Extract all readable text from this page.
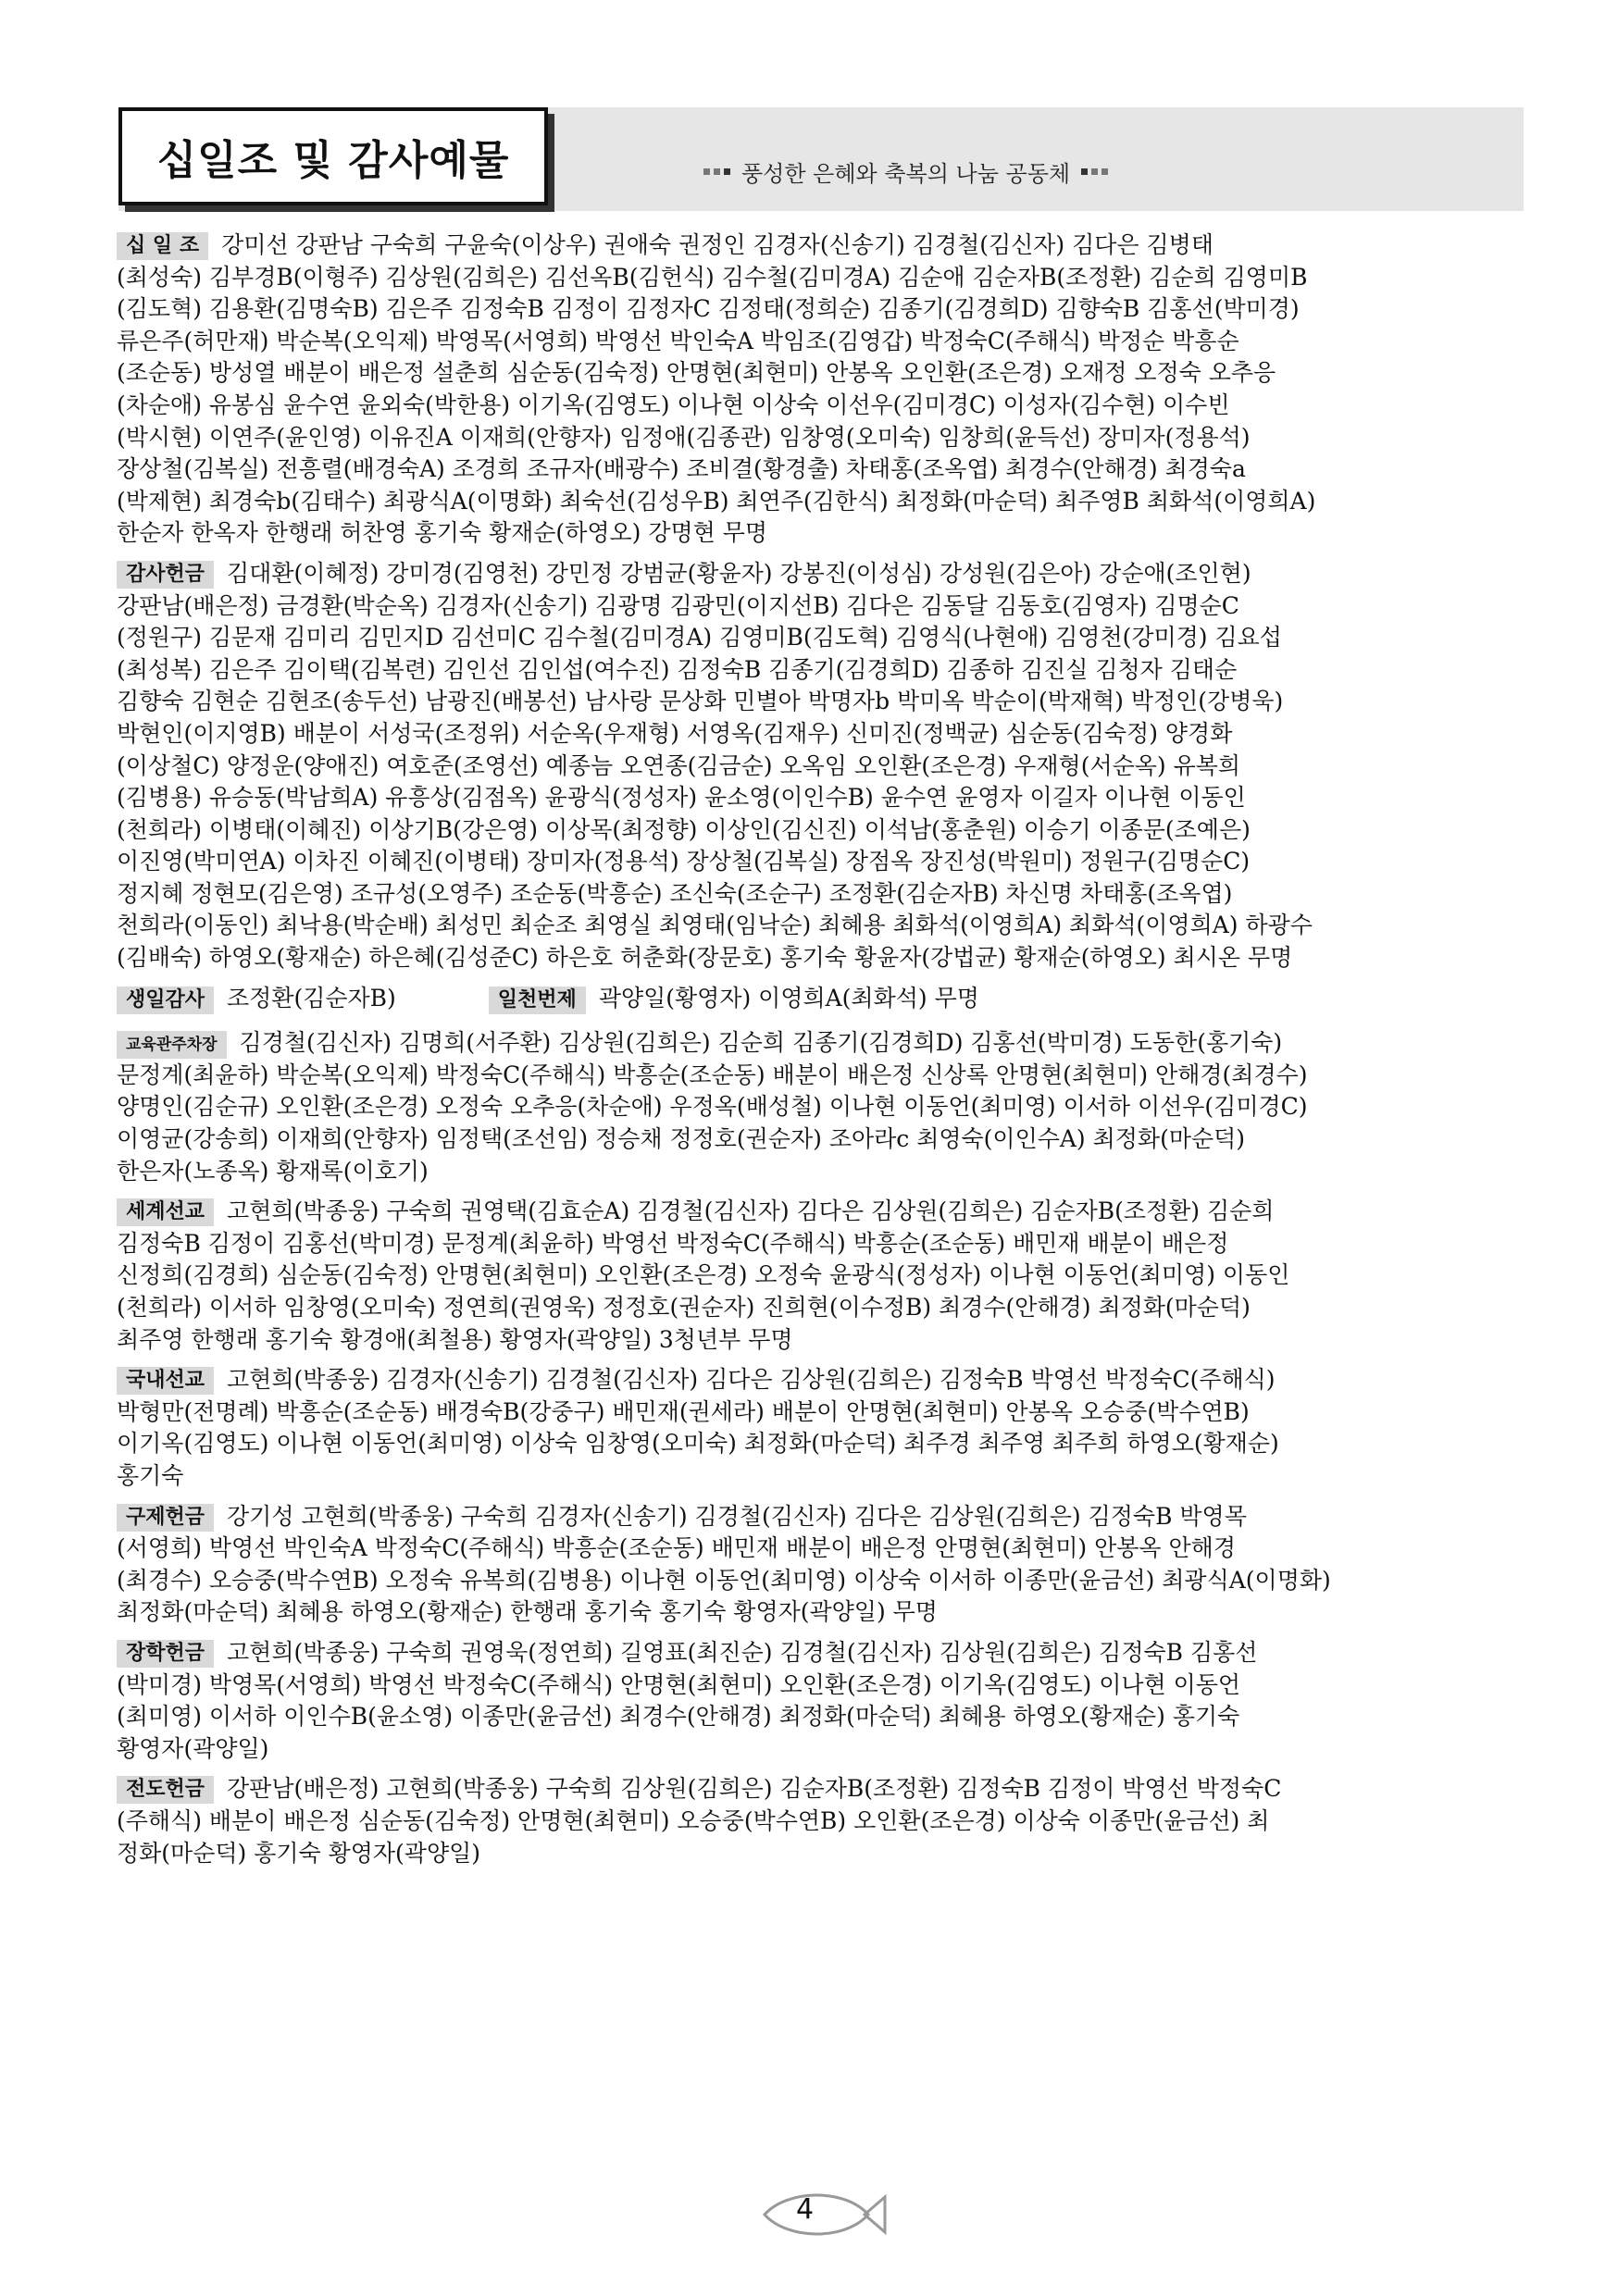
십일조 및 감사예물	풍성한 은혜와 축복의 나눔 공동체

십 일 조 강미선 강판남 구숙희 구윤숙(이상우) 권애숙 권정인 김경자(신송기) 김경철(김신자) 김다은 김병태
(최성숙) 김부경B(이형주) 김상원(김희은) 김선옥B(김헌식) 김수철(김미경A) 김순애 김순자B(조정환) 김순희 김영미B
(김도혁) 김용환(김명숙B) 김은주 김정숙B 김정이 김정자C 김정태(정희순) 김종기(김경희D) 김향숙B 김홍선(박미경)
류은주(허만재) 박순복(오익제) 박영목(서영희) 박영선 박인숙A 박임조(김영갑) 박정숙C(주해식) 박정순 박흥순
(조순동) 방성열 배분이 배은정 설춘희 심순동(김숙정) 안명현(최현미) 안봉옥 오인환(조은경) 오재정 오정숙 오추응
(차순애) 유봉심 윤수연 윤외숙(박한용) 이기옥(김영도) 이나현 이상숙 이선우(김미경C) 이성자(김수현) 이수빈
(박시현) 이연주(윤인영) 이유진A 이재희(안향자) 임정애(김종관) 임창영(오미숙) 임창희(윤득선) 장미자(정용석)
장상철(김복실) 전흥렬(배경숙A) 조경희 조규자(배광수) 조비결(황경출) 차태홍(조옥엽) 최경수(안해경) 최경숙a
(박제현) 최경숙b(김태수) 최광식A(이명화) 최숙선(김성우B) 최연주(김한식) 최정화(마순덕) 최주영B 최화석(이영희A)
한순자 한옥자 한행래 허찬영 홍기숙 황재순(하영오) 강명현 무명

감사헌금 김대환(이혜정) 강미경(김영천) 강민정 강범균(황윤자) 강봉진(이성심) 강성원(김은아) 강순애(조인현)
강판남(배은정) 금경환(박순옥) 김경자(신송기) 김광명 김광민(이지선B) 김다은 김동달 김동호(김영자) 김명순C
(정원구) 김문재 김미리 김민지D 김선미C 김수철(김미경A) 김영미B(김도혁) 김영식(나현애) 김영천(강미경) 김요섭
(최성복) 김은주 김이택(김복련) 김인선 김인섭(여수진) 김정숙B 김종기(김경희D) 김종하 김진실 김청자 김태순
김향숙 김현순 김현조(송두선) 남광진(배봉선) 남사랑 문상화 민별아 박명자b 박미옥 박순이(박재혁) 박정인(강병욱)
박현인(이지영B) 배분이 서성국(조정위) 서순옥(우재형) 서영옥(김재우) 신미진(정백균) 심순동(김숙정) 양경화
(이상철C) 양정운(양애진) 여호준(조영선) 예종늠 오연종(김금순) 오옥임 오인환(조은경) 우재형(서순옥) 유복희
(김병용) 유승동(박남희A) 유흥상(김점옥) 윤광식(정성자) 윤소영(이인수B) 윤수연 윤영자 이길자 이나현 이동인
(천희라) 이병태(이혜진) 이상기B(강은영) 이상목(최정향) 이상인(김신진) 이석남(홍춘원) 이승기 이종문(조예은)
이진영(박미연A) 이차진 이혜진(이병태) 장미자(정용석) 장상철(김복실) 장점옥 장진성(박원미) 정원구(김명순C)
정지혜 정현모(김은영) 조규성(오영주) 조순동(박흥순) 조신숙(조순구) 조정환(김순자B) 차신명 차태홍(조옥엽)
천희라(이동인) 최낙용(박순배) 최성민 최순조 최영실 최영태(임낙순) 최혜용 최화석(이영희A) 최화석(이영희A) 하광수
(김배숙) 하영오(황재순) 하은혜(김성준C) 하은호 허춘화(장문호) 홍기숙 황윤자(강법균) 황재순(하영오) 최시온 무명

생일감사 조정환(김순자B)	일천번제 곽양일(황영자) 이영희A(최화석) 무명

교육관주차장 김경철(김신자) 김명희(서주환) 김상원(김희은) 김순희 김종기(김경희D) 김홍선(박미경) 도동한(홍기숙)
문정계(최윤하) 박순복(오익제) 박정숙C(주해식) 박흥순(조순동) 배분이 배은정 신상록 안명현(최현미) 안해경(최경수)
양명인(김순규) 오인환(조은경) 오정숙 오추응(차순애) 우정옥(배성철) 이나현 이동언(최미영) 이서하 이선우(김미경C)
이영균(강송희) 이재희(안향자) 임정택(조선임) 정승채 정정호(권순자) 조아라c 최영숙(이인수A) 최정화(마순덕)
한은자(노종옥) 황재록(이호기)

세계선교 고현희(박종웅) 구숙희 권영택(김효순A) 김경철(김신자) 김다은 김상원(김희은) 김순자B(조정환) 김순희
김정숙B 김정이 김홍선(박미경) 문정계(최윤하) 박영선 박정숙C(주해식) 박흥순(조순동) 배민재 배분이 배은정
신정희(김경희) 심순동(김숙정) 안명현(최현미) 오인환(조은경) 오정숙 윤광식(정성자) 이나현 이동언(최미영) 이동인
(천희라) 이서하 임창영(오미숙) 정연희(권영욱) 정정호(권순자) 진희현(이수정B) 최경수(안해경) 최정화(마순덕)
최주영 한행래 홍기숙 황경애(최철용) 황영자(곽양일) 3청년부 무명

국내선교 고현희(박종웅) 김경자(신송기) 김경철(김신자) 김다은 김상원(김희은) 김정숙B 박영선 박정숙C(주해식)
박형만(전명례) 박흥순(조순동) 배경숙B(강중구) 배민재(권세라) 배분이 안명현(최현미) 안봉옥 오승중(박수연B)
이기옥(김영도) 이나현 이동언(최미영) 이상숙 임창영(오미숙) 최정화(마순덕) 최주경 최주영 최주희 하영오(황재순)
홍기숙

구제헌금 강기성 고현희(박종웅) 구숙희 김경자(신송기) 김경철(김신자) 김다은 김상원(김희은) 김정숙B 박영목
(서영희) 박영선 박인숙A 박정숙C(주해식) 박흥순(조순동) 배민재 배분이 배은정 안명현(최현미) 안봉옥 안해경
(최경수) 오승중(박수연B) 오정숙 유복희(김병용) 이나현 이동언(최미영) 이상숙 이서하 이종만(윤금선) 최광식A(이명화)
최정화(마순덕) 최혜용 하영오(황재순) 한행래 홍기숙 홍기숙 황영자(곽양일) 무명

장학헌금 고현희(박종웅) 구숙희 권영욱(정연희) 길영표(최진순) 김경철(김신자) 김상원(김희은) 김정숙B 김홍선
(박미경) 박영목(서영희) 박영선 박정숙C(주해식) 안명현(최현미) 오인환(조은경) 이기옥(김영도) 이나현 이동언
(최미영) 이서하 이인수B(윤소영) 이종만(윤금선) 최경수(안해경) 최정화(마순덕) 최혜용 하영오(황재순) 홍기숙
황영자(곽양일)

전도헌금 강판남(배은정) 고현희(박종웅) 구숙희 김상원(김희은) 김순자B(조정환) 김정숙B 김정이 박영선 박정숙C
(주해식) 배분이 배은정 심순동(김숙정) 안명현(최현미) 오승중(박수연B) 오인환(조은경) 이상숙 이종만(윤금선) 최
정화(마순덕) 홍기숙 황영자(곽양일)

4
